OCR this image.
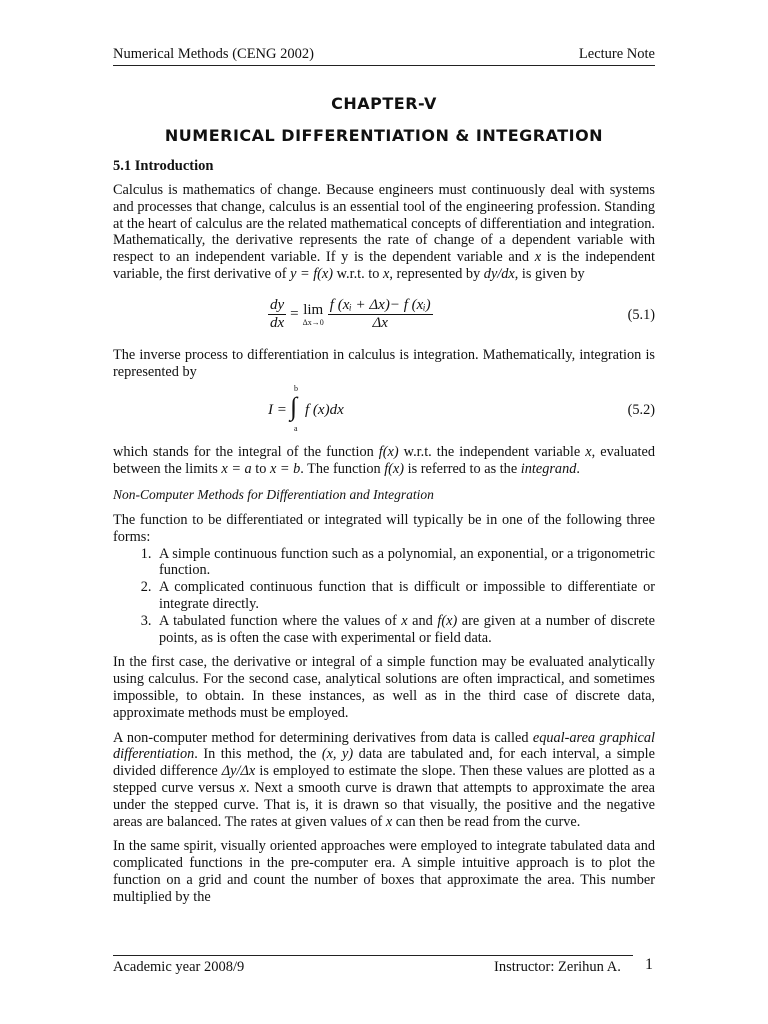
Numerical Methods (CENG 2002)	Lecture Note
CHAPTER-V
NUMERICAL DIFFERENTIATION & INTEGRATION
5.1 Introduction

Calculus is mathematics of change. Because engineers must continuously deal with systems and processes that change, calculus is an essential tool of the engineering profession. Standing at the heart of calculus are the related mathematical concepts of differentiation and integration. Mathematically, the derivative represents the rate of change of a dependent variable with respect to an independent variable. If y is the dependent variable and x is the independent variable, the first derivative of y = f(x) w.r.t. to x, represented by dy/dx, is given by

$\frac{dy}{dx} = \lim$
$\Delta x\to 0 \frac{\text{f (xᵢ + Δx)− f (xᵢ)}}{\Delta x}$	(5.1)

The inverse process to differentiation in calculus is integration. Mathematically, integration is represented by

I =
b
∫
a
f (x)dx	(5.2)

which stands for the integral of the function f(x) w.r.t. the independent variable x, evaluated between the limits x = a to x = b. The function f(x) is referred to as the integrand.

Non-Computer Methods for Differentiation and Integration

The function to be differentiated or integrated will typically be in one of the following three forms:

1. A simple continuous function such as a polynomial, an exponential, or a trigonometric function.
2. A complicated continuous function that is difficult or impossible to differentiate or integrate directly.
3. A tabulated function where the values of x and f(x) are given at a number of discrete points, as is often the case with experimental or field data.

In the first case, the derivative or integral of a simple function may be evaluated analytically using calculus. For the second case, analytical solutions are often impractical, and sometimes impossible, to obtain. In these instances, as well as in the third case of discrete data, approximate methods must be employed.

A non-computer method for determining derivatives from data is called equal-area graphical differentiation. In this method, the (x, y) data are tabulated and, for each interval, a simple divided difference Δy/Δx is employed to estimate the slope. Then these values are plotted as a stepped curve versus x. Next a smooth curve is drawn that attempts to approximate the area under the stepped curve. That is, it is drawn so that visually, the positive and the negative areas are balanced. The rates at given values of x can then be read from the curve.

In the same spirit, visually oriented approaches were employed to integrate tabulated data and complicated functions in the pre-computer era. A simple intuitive approach is to plot the function on a grid and count the number of boxes that approximate the area. This number multiplied by the

Academic year 2008/9	Instructor: Zerihun A. 1
